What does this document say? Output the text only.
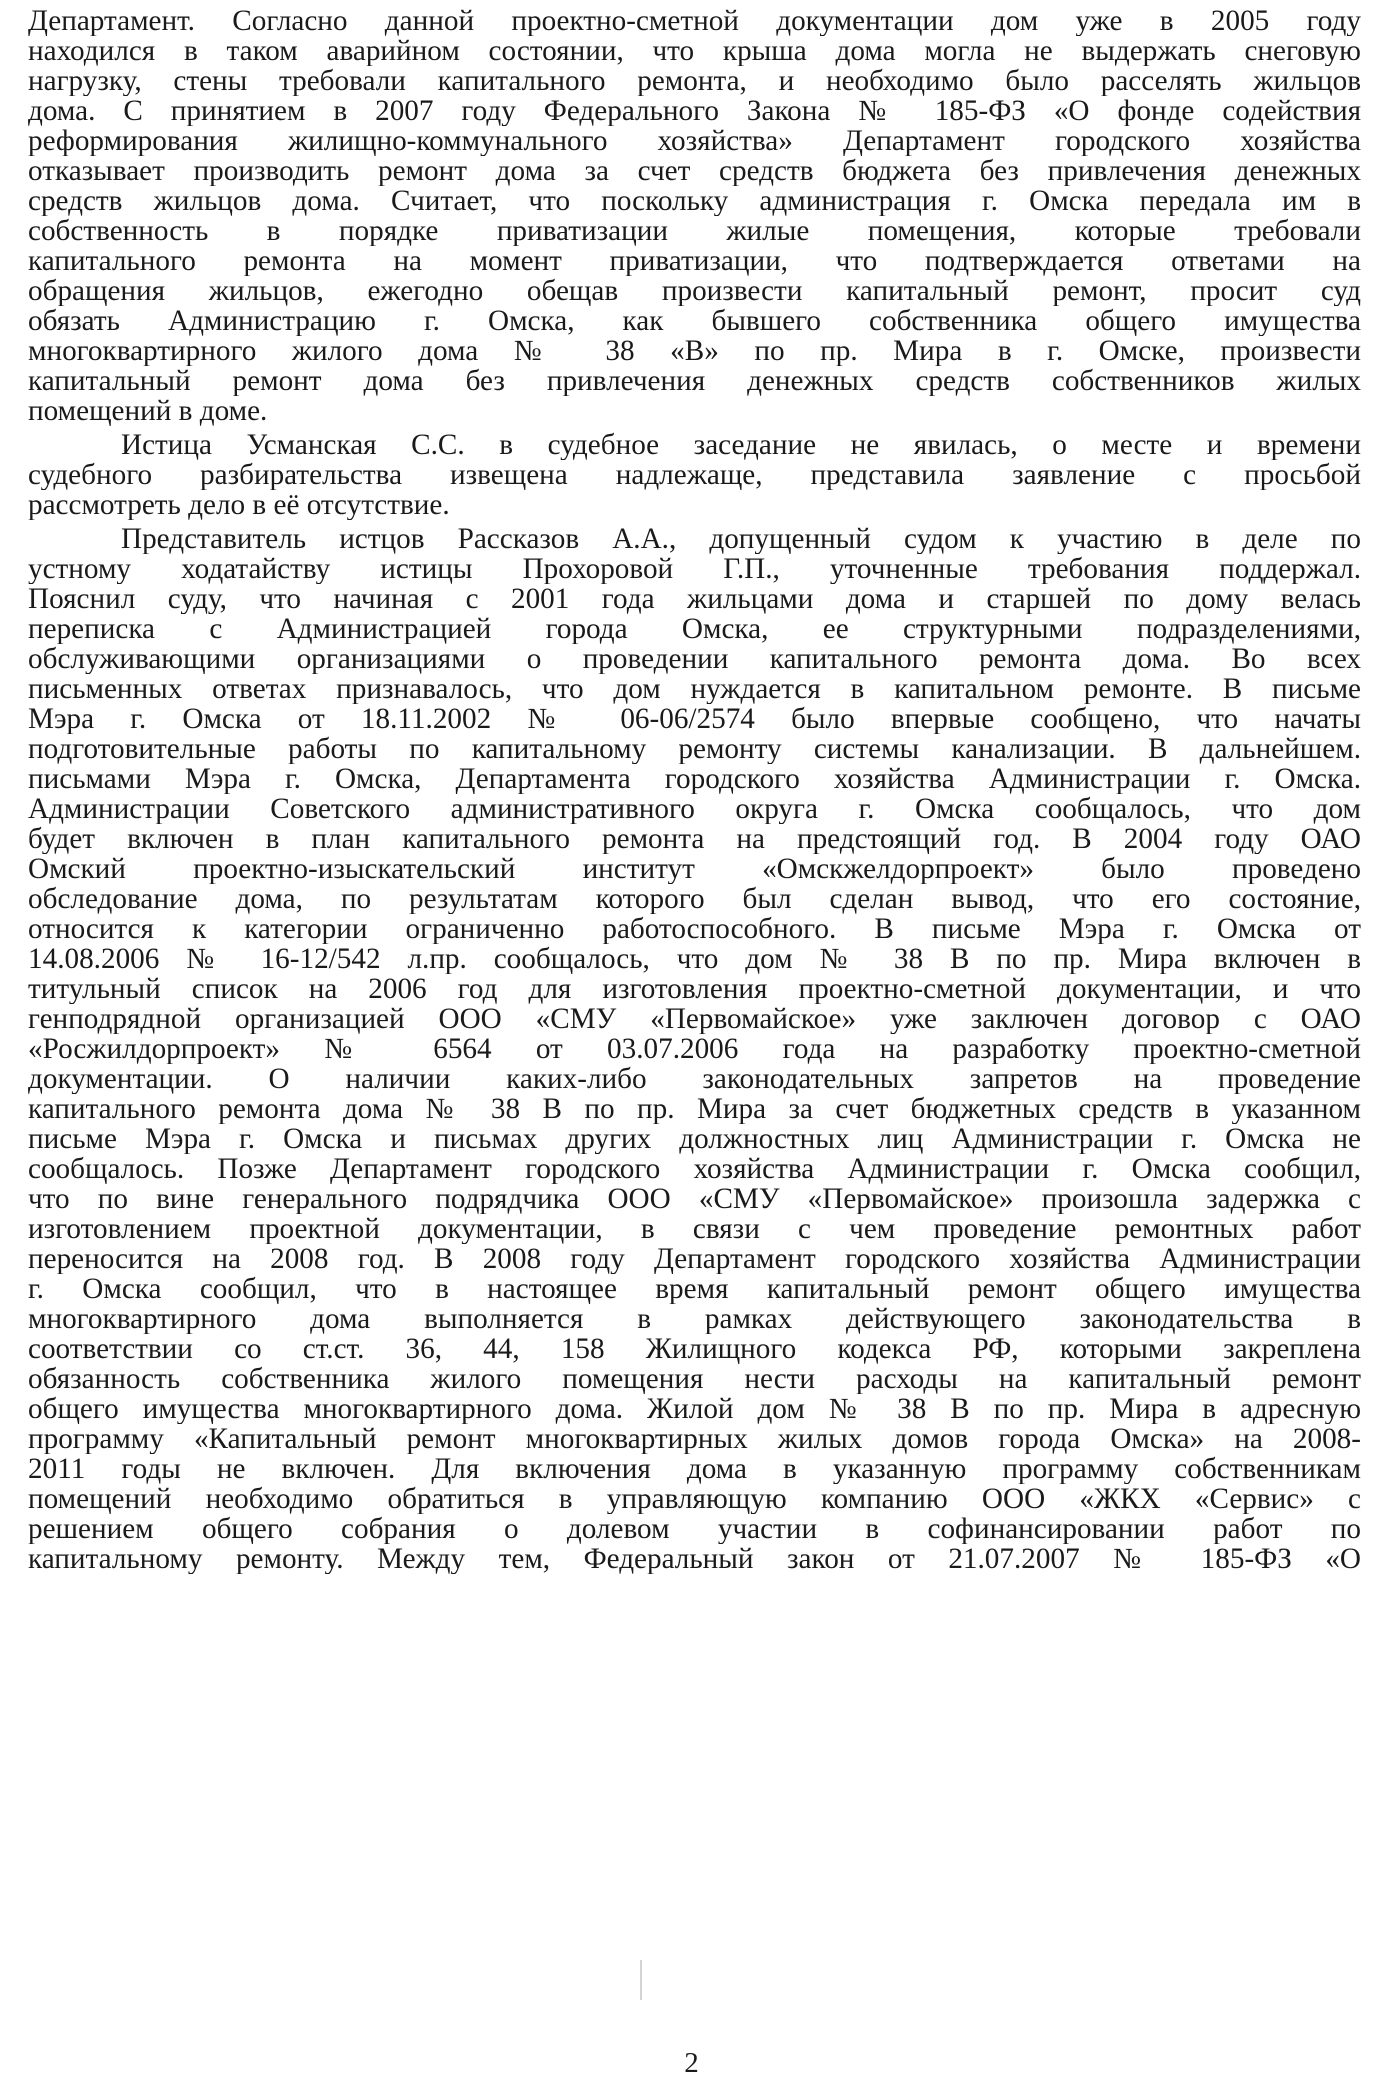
Департамент. Согласно данной проектно-сметной документации дом уже в 2005 году
находился в таком аварийном состоянии, что крыша дома могла не выдержать снеговую
нагрузку, стены требовали капитального ремонта, и необходимо было расселять жильцов
дома. С принятием в 2007 году Федерального Закона № 185-ФЗ «О фонде содействия
реформирования жилищно-коммунального хозяйства» Департамент городского хозяйства
отказывает производить ремонт дома за счет средств бюджета без привлечения денежных
средств жильцов дома. Считает, что поскольку администрация г. Омска передала им в
собственность в порядке приватизации жилые помещения, которые требовали
капитального ремонта на момент приватизации, что подтверждается ответами на
обращения жильцов, ежегодно обещав произвести капитальный ремонт, просит суд
обязать Администрацию г. Омска, как бывшего собственника общего имущества
многоквартирного жилого дома № 38 «В» по пр. Мира в г. Омске, произвести
капитальный ремонт дома без привлечения денежных средств собственников жилых
помещений в доме.
Истица Усманская С.С. в судебное заседание не явилась, о месте и времени
судебного разбирательства извещена надлежаще, представила заявление с просьбой
рассмотреть дело в её отсутствие.
Представитель истцов Рассказов А.А., допущенный судом к участию в деле по
устному ходатайству истицы Прохоровой Г.П., уточненные требования поддержал.
Пояснил суду, что начиная с 2001 года жильцами дома и старшей по дому велась
переписка с Администрацией города Омска, ее структурными подразделениями,
обслуживающими организациями о проведении капитального ремонта дома. Во всех
письменных ответах признавалось, что дом нуждается в капитальном ремонте. В письме
Мэра г. Омска от 18.11.2002 № 06-06/2574 было впервые сообщено, что начаты
подготовительные работы по капитальному ремонту системы канализации. В дальнейшем.
письмами Мэра г. Омска, Департамента городского хозяйства Администрации г. Омска.
Администрации Советского административного округа г. Омска сообщалось, что дом
будет включен в план капитального ремонта на предстоящий год. В 2004 году ОАО
Омский проектно-изыскательский институт «Омскжелдорпроект» было проведено
обследование дома, по результатам которого был сделан вывод, что его состояние,
относится к категории ограниченно работоспособного. В письме Мэра г. Омска от
14.08.2006 № 16-12/542 л.пр. сообщалось, что дом № 38 В по пр. Мира включен в
титульный список на 2006 год для изготовления проектно-сметной документации, и что
генподрядной организацией ООО «СМУ «Первомайское» уже заключен договор с ОАО
«Росжилдорпроект» № 6564 от 03.07.2006 года на разработку проектно-сметной
документации. О наличии каких-либо законодательных запретов на проведение
капитального ремонта дома № 38 В по пр. Мира за счет бюджетных средств в указанном
письме Мэра г. Омска и письмах других должностных лиц Администрации г. Омска не
сообщалось. Позже Департамент городского хозяйства Администрации г. Омска сообщил,
что по вине генерального подрядчика ООО «СМУ «Первомайское» произошла задержка с
изготовлением проектной документации, в связи с чем проведение ремонтных работ
переносится на 2008 год. В 2008 году Департамент городского хозяйства Администрации
г. Омска сообщил, что в настоящее время капитальный ремонт общего имущества
многоквартирного дома выполняется в рамках действующего законодательства в
соответствии со ст.ст. 36, 44, 158 Жилищного кодекса РФ, которыми закреплена
обязанность собственника жилого помещения нести расходы на капитальный ремонт
общего имущества многоквартирного дома. Жилой дом № 38 В по пр. Мира в адресную
программу «Капитальный ремонт многоквартирных жилых домов города Омска» на 2008-
2011 годы не включен. Для включения дома в указанную программу собственникам
помещений необходимо обратиться в управляющую компанию ООО «ЖКХ «Сервис» с
решением общего собрания о долевом участии в софинансировании работ по
капитальному ремонту. Между тем, Федеральный закон от 21.07.2007 № 185-ФЗ «О
2
